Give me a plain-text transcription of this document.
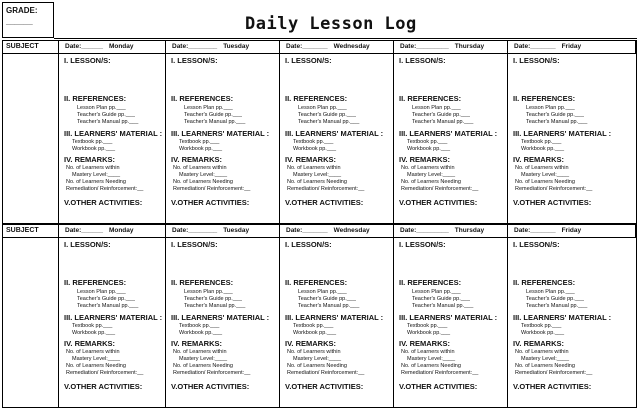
GRADE:
______	Daily Lesson Log
SUBJECT	Date:______ Monday
I. LESSON/S:
II. REFERENCES:
Lesson Plan pp.___
Teacher's Guide pp.___
Teacher's Manual pp.___
III. LEARNERS' MATERIAL :
Textbook pp.___
Workbook pp.___
IV. REMARKS:
No. of Learners within
Mastery Level:____
No. of Learners Needing
Remediation/ Reinforcement:__
V.OTHER ACTIVITIES:
Date:________ Tuesday
I. LESSON/S:
II. REFERENCES:
Lesson Plan pp.___
Teacher's Guide pp.___
Teacher's Manual pp.___
III. LEARNERS' MATERIAL :
Textbook pp.___
Workbook pp.___
IV. REMARKS:
No. of Learners within
Mastery Level:____
No. of Learners Needing
Remediation/ Reinforcement:__
V.OTHER ACTIVITIES:
Date:_______ Wednesday
I. LESSON/S:
II. REFERENCES:
Lesson Plan pp.___
Teacher's Guide pp.___
Teacher's Manual pp.___
III. LEARNERS' MATERIAL :
Textbook pp.___
Workbook pp.___
IV. REMARKS:
No. of Learners within
Mastery Level:____
No. of Learners Needing
Remediation/ Reinforcement:__
V.OTHER ACTIVITIES:
Date:_________ Thursday
I. LESSON/S:
II. REFERENCES:
Lesson Plan pp.___
Teacher's Guide pp.___
Teacher's Manual pp.___
III. LEARNERS' MATERIAL :
Textbook pp.___
Workbook pp.___
IV. REMARKS:
No. of Learners within
Mastery Level:____
No. of Learners Needing
Remediation/ Reinforcement:__
V.OTHER ACTIVITIES:
Date:_______ Friday
I. LESSON/S:
II. REFERENCES:
Lesson Plan pp.___
Teacher's Guide pp.___
Teacher's Manual pp.___
III. LEARNERS' MATERIAL :
Textbook pp.___
Workbook pp.___
IV. REMARKS:
No. of Learners within
Mastery Level:____
No. of Learners Needing
Remediation/ Reinforcement:__
V.OTHER ACTIVITIES:
SUBJECT	Date:______ Monday
I. LESSON/S:
II. REFERENCES:
Lesson Plan pp.___
Teacher's Guide pp.___
Teacher's Manual pp.___
III. LEARNERS' MATERIAL :
Textbook pp.___
Workbook pp.___
IV. REMARKS:
No. of Learners within
Mastery Level:____
No. of Learners Needing
Remediation/ Reinforcement:__
V.OTHER ACTIVITIES:
Date:________ Tuesday
I. LESSON/S:
II. REFERENCES:
Lesson Plan pp.___
Teacher's Guide pp.___
Teacher's Manual pp.___
III. LEARNERS' MATERIAL :
Textbook pp.___
Workbook pp.___
IV. REMARKS:
No. of Learners within
Mastery Level:____
No. of Learners Needing
Remediation/ Reinforcement:__
V.OTHER ACTIVITIES:
Date:_______ Wednesday
I. LESSON/S:
II. REFERENCES:
Lesson Plan pp.___
Teacher's Guide pp.___
Teacher's Manual pp.___
III. LEARNERS' MATERIAL :
Textbook pp.___
Workbook pp.___
IV. REMARKS:
No. of Learners within
Mastery Level:____
No. of Learners Needing
Remediation/ Reinforcement:__
V.OTHER ACTIVITIES:
Date:_________ Thursday
I. LESSON/S:
II. REFERENCES:
Lesson Plan pp.___
Teacher's Guide pp.___
Teacher's Manual pp.___
III. LEARNERS' MATERIAL :
Textbook pp.___
Workbook pp.___
IV. REMARKS:
No. of Learners within
Mastery Level:____
No. of Learners Needing
Remediation/ Reinforcement:__
V.OTHER ACTIVITIES:
Date:_______ Friday
I. LESSON/S:
II. REFERENCES:
Lesson Plan pp.___
Teacher's Guide pp.___
Teacher's Manual pp.___
III. LEARNERS' MATERIAL :
Textbook pp.___
Workbook pp.___
IV. REMARKS:
No. of Learners within
Mastery Level:____
No. of Learners Needing
Remediation/ Reinforcement:__
V.OTHER ACTIVITIES:
